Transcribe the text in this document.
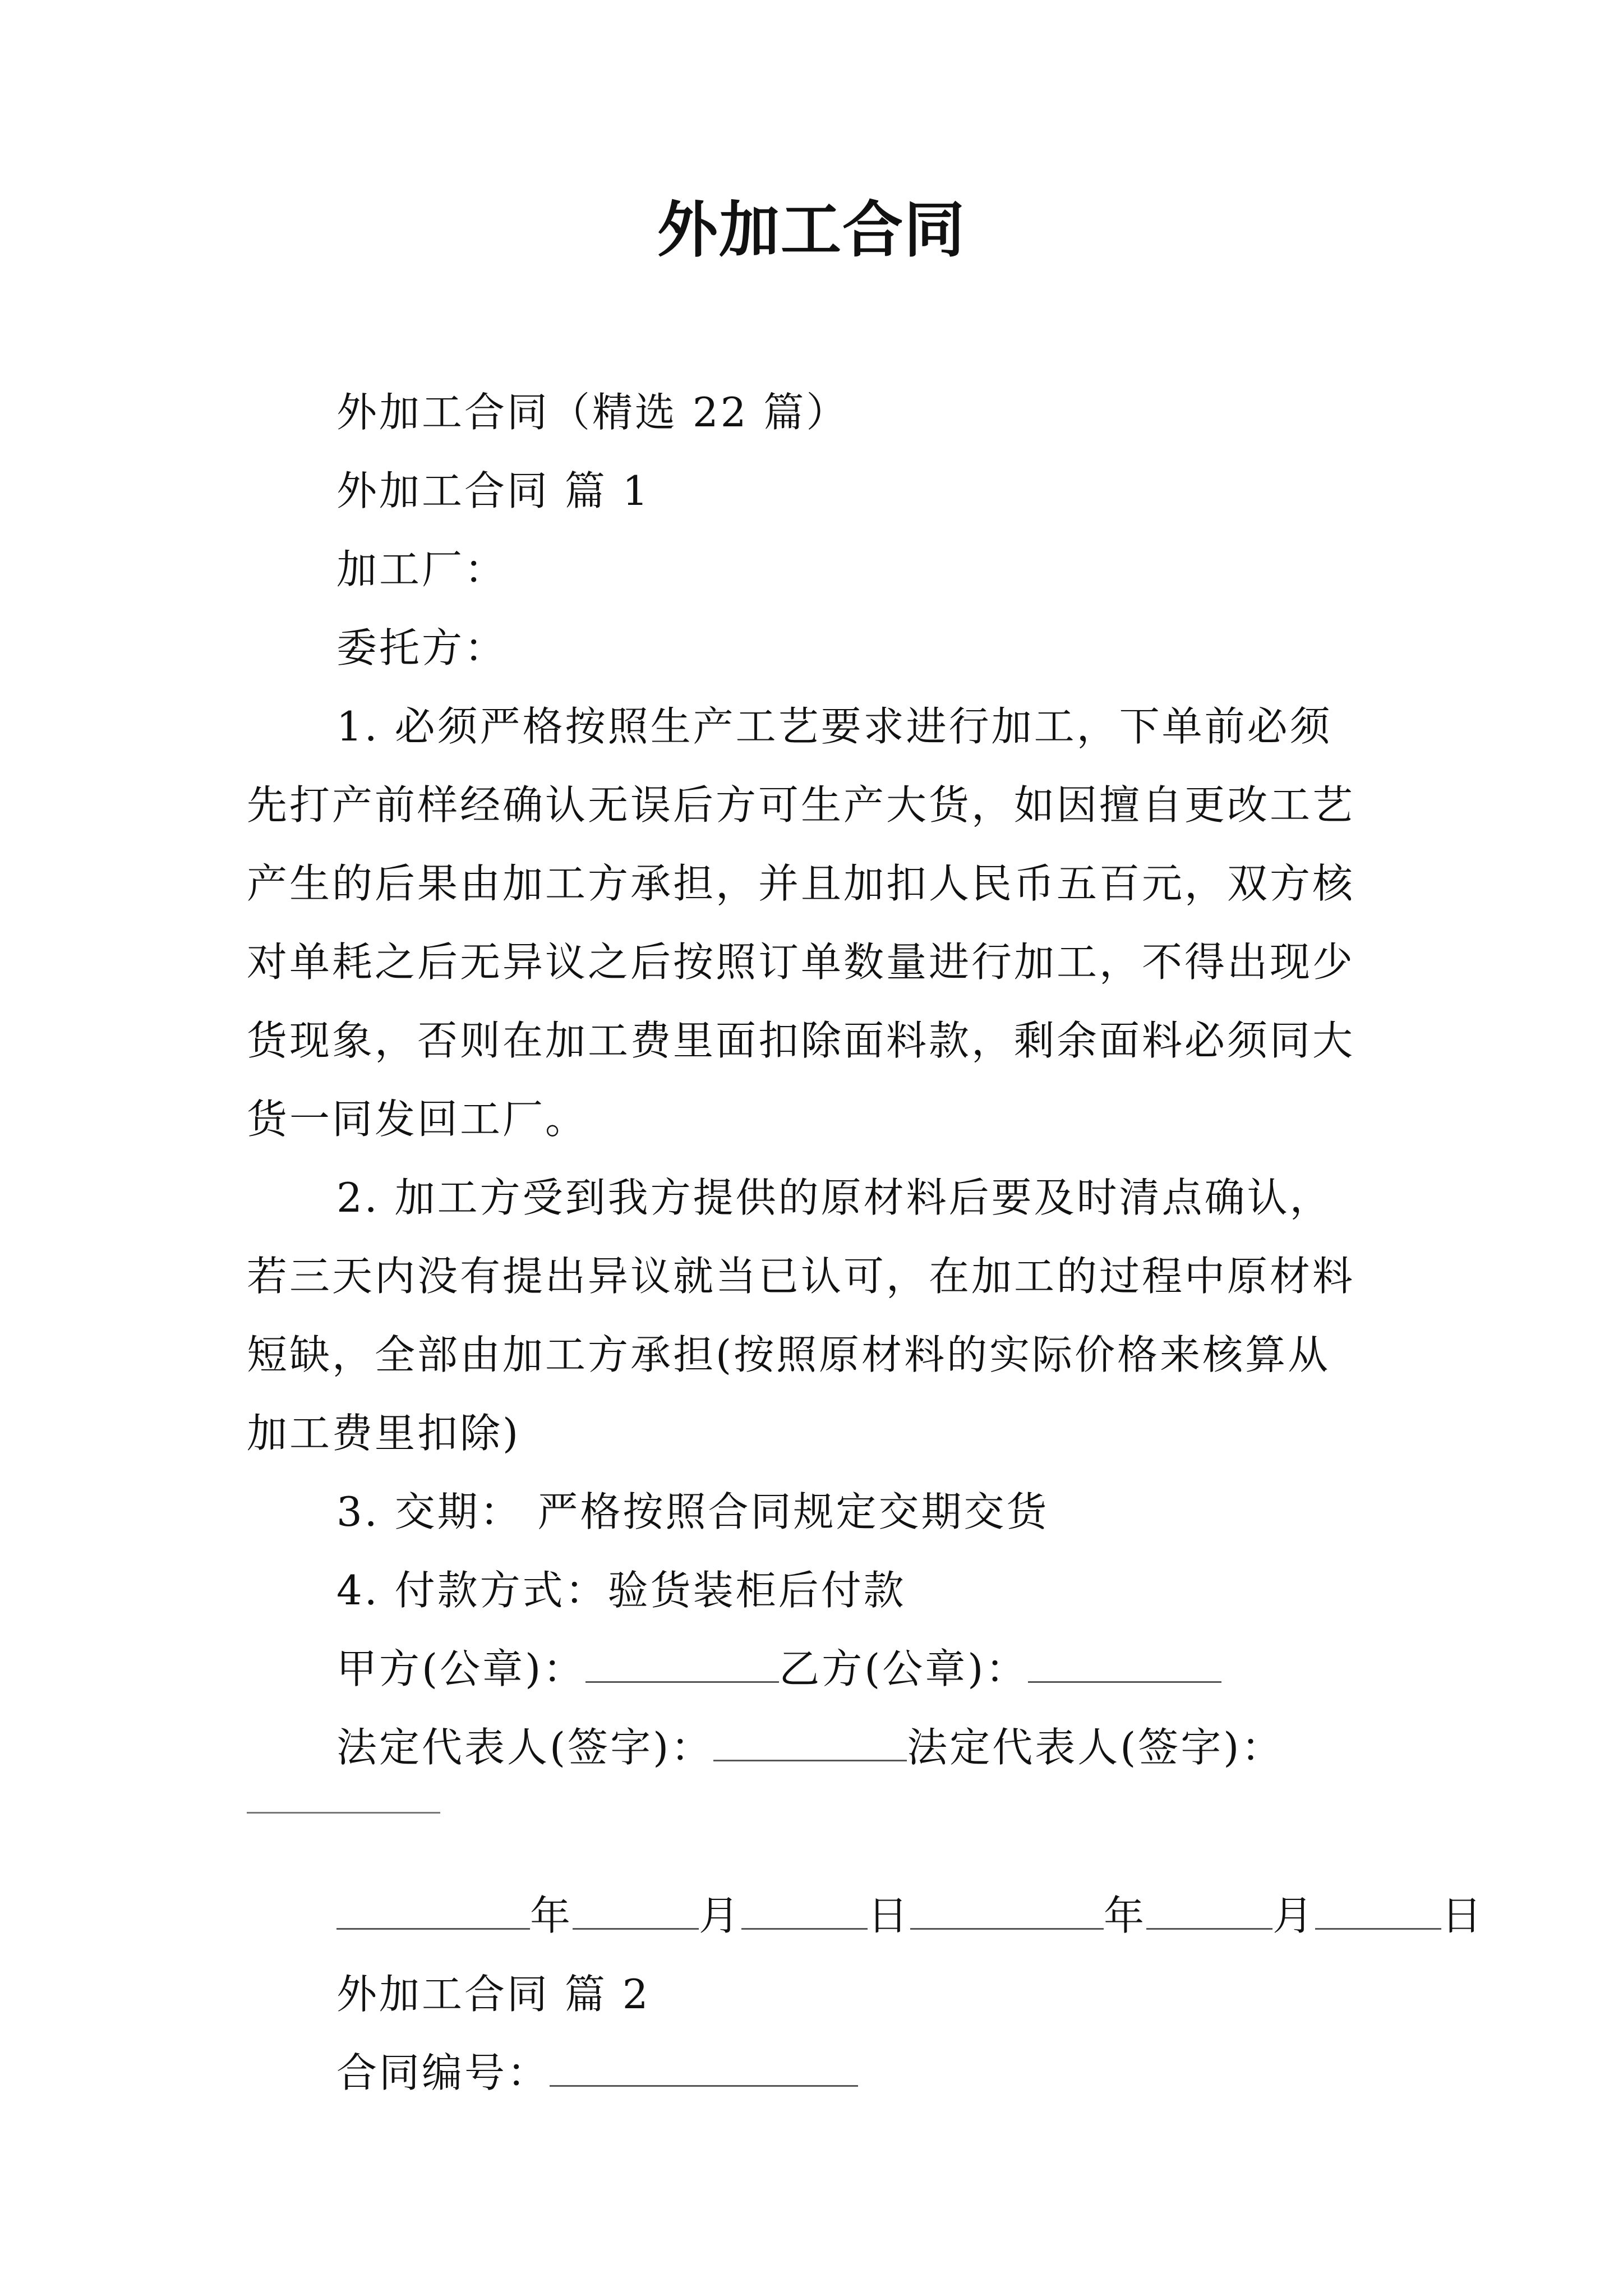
外加工合同
外加工合同（精选 22 篇）
外加工合同 篇 1
加工厂：
委托方：
1. 必须严格按照生产工艺要求进行加工，下单前必须
先打产前样经确认无误后方可生产大货，如因擅自更改工艺
产生的后果由加工方承担，并且加扣人民币五百元，双方核
对单耗之后无异议之后按照订单数量进行加工，不得出现少
货现象，否则在加工费里面扣除面料款，剩余面料必须同大
货一同发回工厂。
2. 加工方受到我方提供的原材料后要及时清点确认，
若三天内没有提出异议就当已认可，在加工的过程中原材料
短缺，全部由加工方承担(按照原材料的实际价格来核算从
加工费里扣除)
3. 交期： 严格按照合同规定交期交货
4. 付款方式：验货装柜后付款
甲方(公章)：	乙方(公章)：
法定代表人(签字)：	法定代表人(签字)：
年	月	日	年	月	日
外加工合同 篇 2
合同编号：
